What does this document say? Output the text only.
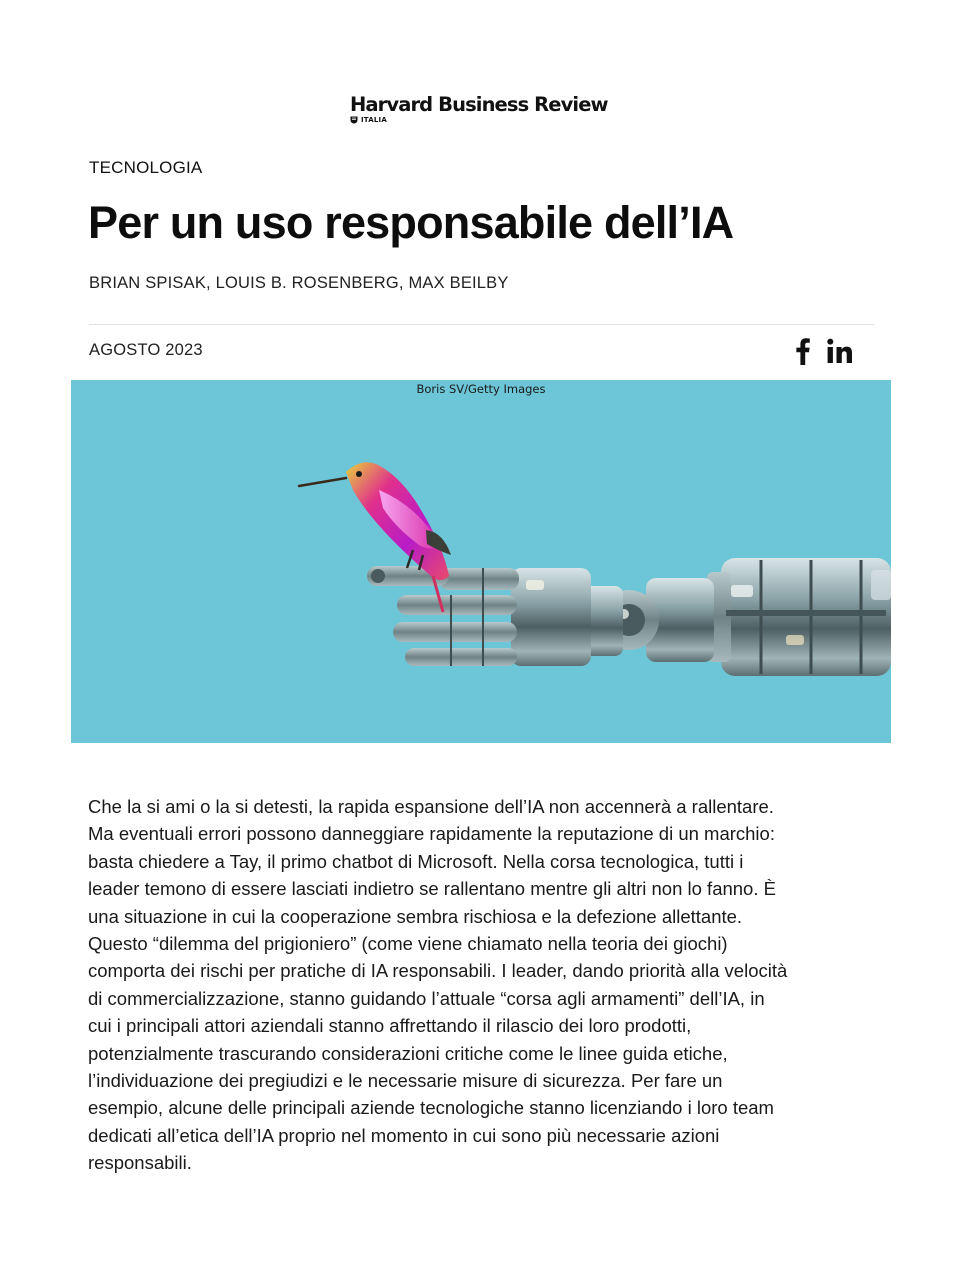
Harvard Business Review
ITALIA
TECNOLOGIA
Per un uso responsabile dell’IA
BRIAN SPISAK, LOUIS B. ROSENBERG, MAX BEILBY
AGOSTO 2023
Boris SV/Getty Images

Che la si ami o la si detesti, la rapida espansione dell’IA non accennerà a rallentare.
Ma eventuali errori possono danneggiare rapidamente la reputazione di un marchio:
basta chiedere a Tay, il primo chatbot di Microsoft. Nella corsa tecnologica, tutti i
leader temono di essere lasciati indietro se rallentano mentre gli altri non lo fanno. È
una situazione in cui la cooperazione sembra rischiosa e la defezione allettante.
Questo “dilemma del prigioniero” (come viene chiamato nella teoria dei giochi)
comporta dei rischi per pratiche di IA responsabili. I leader, dando priorità alla velocità
di commercializzazione, stanno guidando l’attuale “corsa agli armamenti” dell’IA, in
cui i principali attori aziendali stanno affrettando il rilascio dei loro prodotti,
potenzialmente trascurando considerazioni critiche come le linee guida etiche,
l’individuazione dei pregiudizi e le necessarie misure di sicurezza. Per fare un
esempio, alcune delle principali aziende tecnologiche stanno licenziando i loro team
dedicati all’etica dell’IA proprio nel momento in cui sono più necessarie azioni
responsabili.
